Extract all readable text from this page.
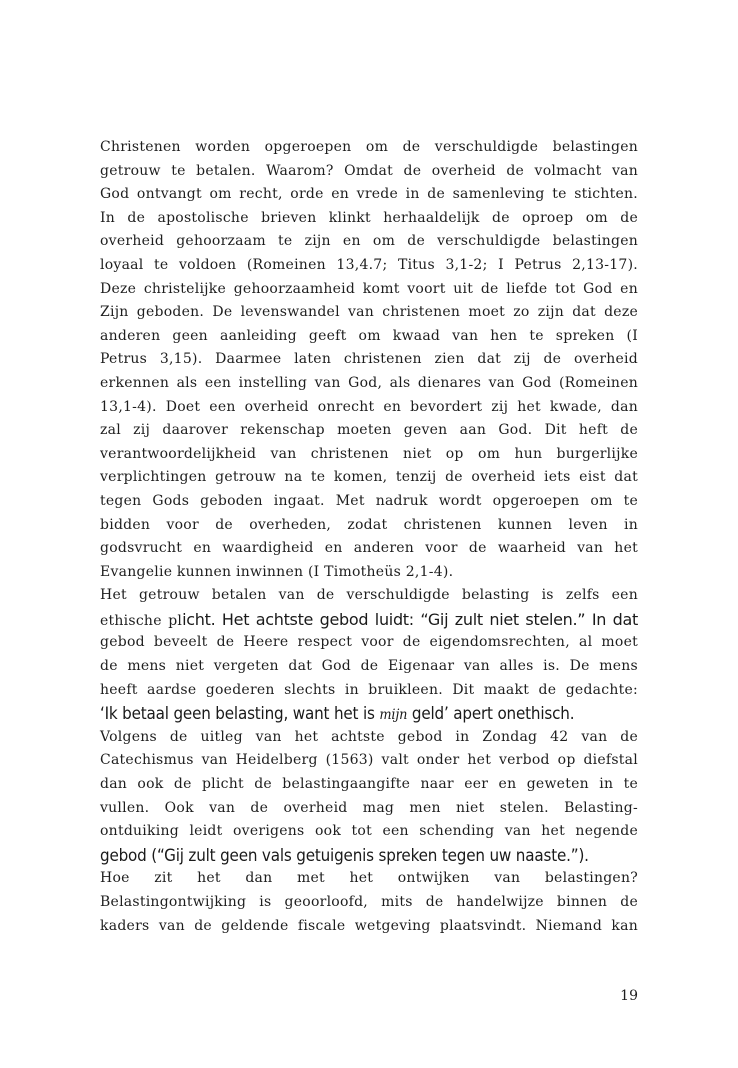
Christenen worden opgeroepen om de verschuldigde belastingen
getrouw te betalen. Waarom? Omdat de overheid de volmacht van
God ontvangt om recht, orde en vrede in de samenleving te stichten.
In de apostolische brieven klinkt herhaaldelijk de oproep om de
overheid gehoorzaam te zijn en om de verschuldigde belastingen
loyaal te voldoen (Romeinen 13,4.7; Titus 3,1-2; I Petrus 2,13-17).
Deze christelijke gehoorzaamheid komt voort uit de liefde tot God en
Zijn geboden. De levenswandel van christenen moet zo zijn dat deze
anderen geen aanleiding geeft om kwaad van hen te spreken (I
Petrus 3,15). Daarmee laten christenen zien dat zij de overheid
erkennen als een instelling van God, als dienares van God (Romeinen
13,1-4). Doet een overheid onrecht en bevordert zij het kwade, dan
zal zij daarover rekenschap moeten geven aan God. Dit heft de
verantwoordelijkheid van christenen niet op om hun burgerlijke
verplichtingen getrouw na te komen, tenzij de overheid iets eist dat
tegen Gods geboden ingaat. Met nadruk wordt opgeroepen om te
bidden voor de overheden, zodat christenen kunnen leven in
godsvrucht en waardigheid en anderen voor de waarheid van het
Evangelie kunnen inwinnen (I Timotheüs 2,1-4).
Het getrouw betalen van de verschuldigde belasting is zelfs een
ethische plicht. Het achtste gebod luidt: “Gij zult niet stelen.” In dat
gebod beveelt de Heere respect voor de eigendomsrechten, al moet
de mens niet vergeten dat God de Eigenaar van alles is. De mens
heeft aardse goederen slechts in bruikleen. Dit maakt de gedachte:
‘Ik betaal geen belasting, want het is mijn geld’ apert onethisch.
Volgens de uitleg van het achtste gebod in Zondag 42 van de
Catechismus van Heidelberg (1563) valt onder het verbod op diefstal
dan ook de plicht de belastingaangifte naar eer en geweten in te
vullen. Ook van de overheid mag men niet stelen. Belasting-
ontduiking leidt overigens ook tot een schending van het negende
gebod (“Gij zult geen vals getuigenis spreken tegen uw naaste.”).
Hoe zit het dan met het ontwijken van belastingen?
Belastingontwijking is geoorloofd, mits de handelwijze binnen de
kaders van de geldende fiscale wetgeving plaatsvindt. Niemand kan
19
